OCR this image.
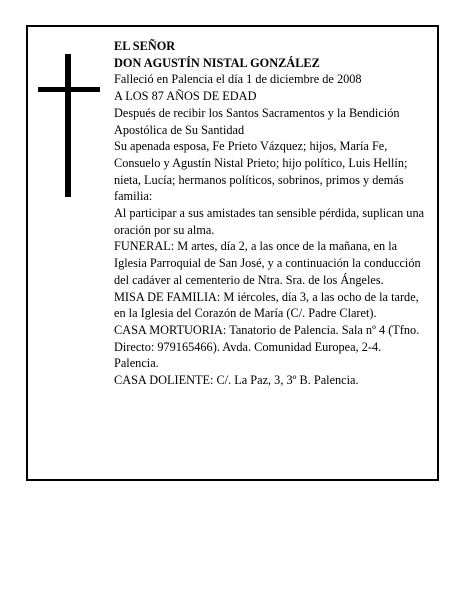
EL SEÑOR

DON AGUSTÍN NISTAL GONZÁLEZ

Falleció en Palencia el día 1 de diciembre de 2008

A LOS 87 AÑOS DE EDAD

Después de recibir los Santos Sacramentos y la Bendición Apostólica de Su Santidad

Su apenada esposa, Fe Prieto Vázquez; hijos, María Fe, Consuelo y Agustín Nistal Prieto; hijo político, Luis Hellín; nieta, Lucía; hermanos políticos, sobrinos, primos y demás familia:

Al participar a sus amistades tan sensible pérdida, suplican una oración por su alma.

FUNERAL: M artes, día 2, a las once de la mañana, en la Iglesia Parroquial de San José, y a continuación la conducción del cadáver al cementerio de Ntra. Sra. de los Ángeles.

MISA DE FAMILIA: M iércoles, día 3, a las ocho de la tarde, en la Iglesia del Corazón de María (C/. Padre Claret).

CASA MORTUORIA: Tanatorio de Palencia. Sala nº 4 (Tfno. Directo: 979165466). Avda. Comunidad Europea, 2-4. Palencia.

CASA DOLIENTE: C/. La Paz, 3, 3º B. Palencia.
